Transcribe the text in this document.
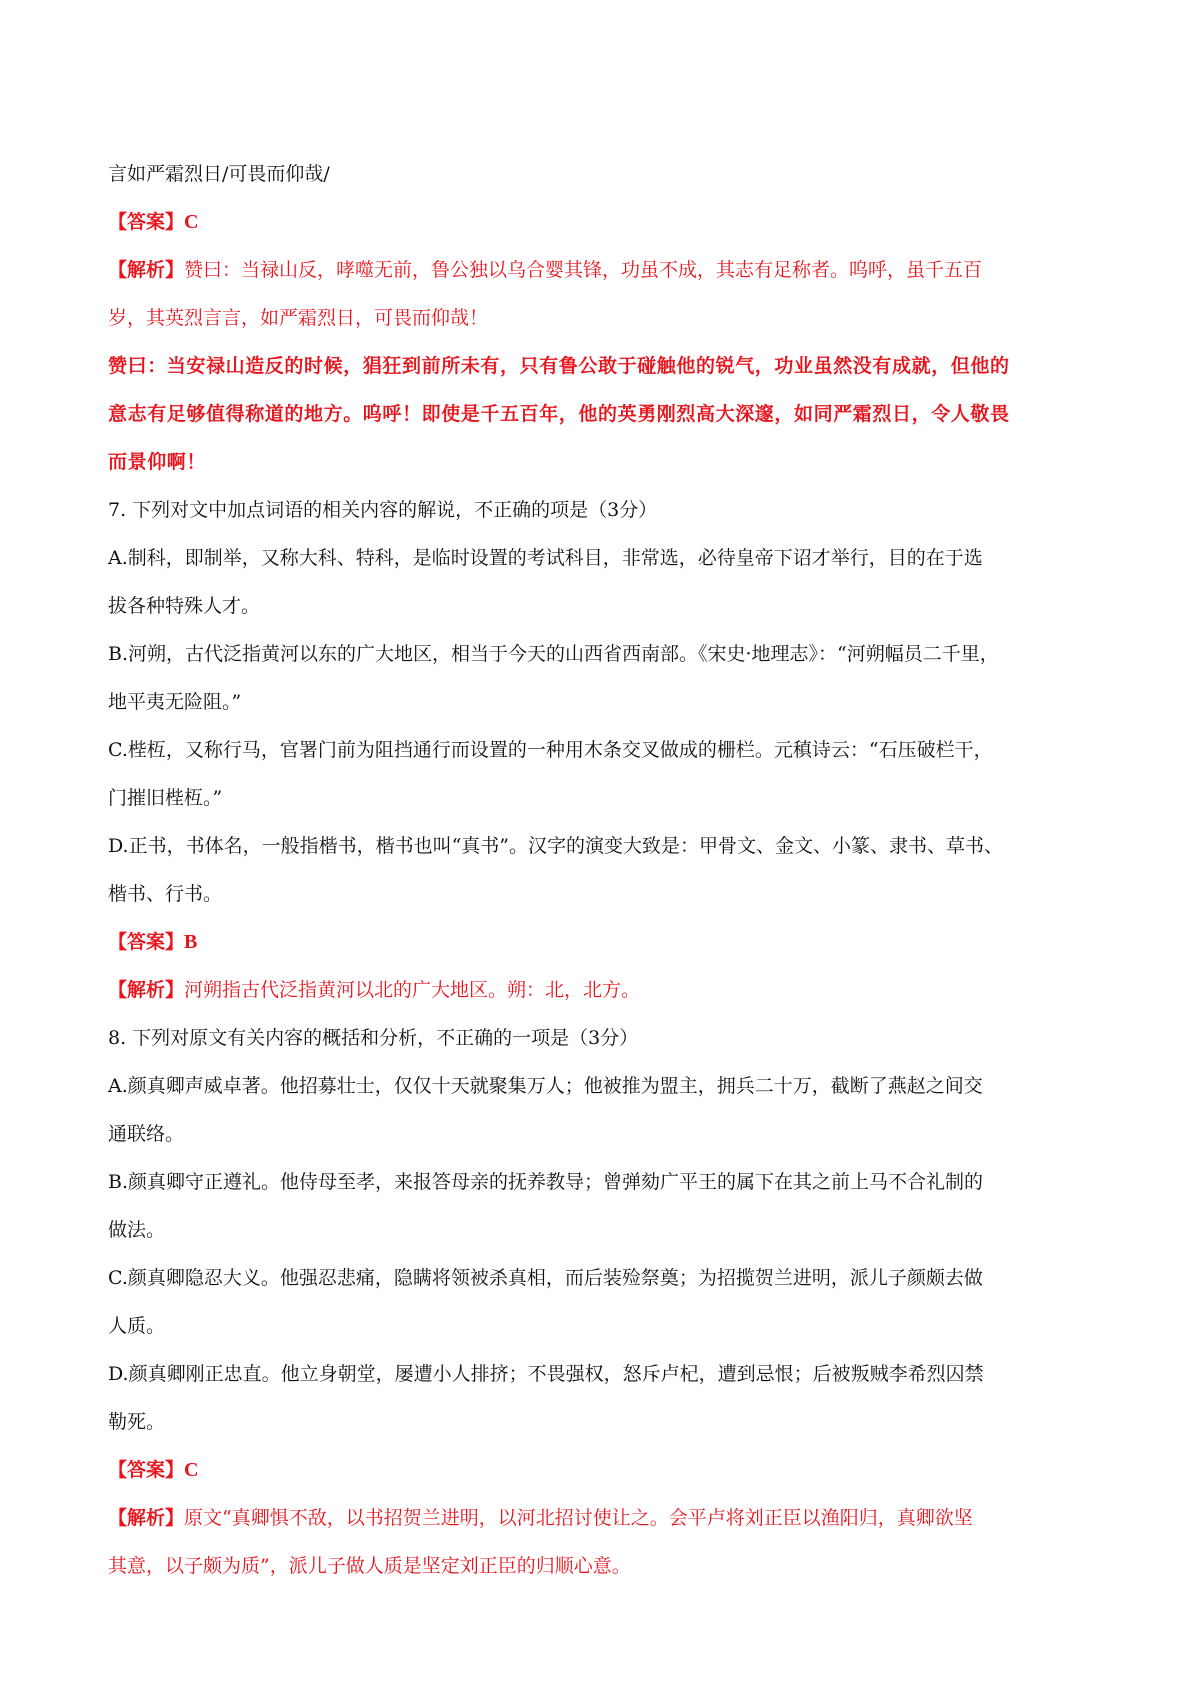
言如严霜烈日/可畏而仰哉/

【答案】C

【解析】赞曰：当禄山反，哮噬无前，鲁公独以乌合婴其锋，功虽不成，其志有足称者。呜呼，虽千五百

岁，其英烈言言，如严霜烈日，可畏而仰哉！

赞曰：当安禄山造反的时候，猖狂到前所未有，只有鲁公敢于碰触他的锐气，功业虽然没有成就，但他的

意志有足够值得称道的地方。呜呼！即使是千五百年，他的英勇刚烈高大深邃，如同严霜烈日，令人敬畏

而景仰啊！

7. 下列对文中加点词语的相关内容的解说，不正确的项是（3分）

A.制科，即制举，又称大科、特科，是临时设置的考试科目，非常选，必待皇帝下诏才举行，目的在于选

拔各种特殊人才。

B.河朔，古代泛指黄河以东的广大地区，相当于今天的山西省西南部。《宋史·地理志》：“河朔幅员二千里，

地平夷无险阻。”

C.梐枑，又称行马，官署门前为阻挡通行而设置的一种用木条交叉做成的栅栏。元稹诗云：“石压破栏干，

门摧旧梐枑。”

D.正书，书体名，一般指楷书，楷书也叫“真书”。汉字的演变大致是：甲骨文、金文、小篆、隶书、草书、

楷书、行书。

【答案】B

【解析】河朔指古代泛指黄河以北的广大地区。朔：北，北方。

8. 下列对原文有关内容的概括和分析，不正确的一项是（3分）

A.颜真卿声威卓著。他招募壮士，仅仅十天就聚集万人；他被推为盟主，拥兵二十万，截断了燕赵之间交

通联络。

B.颜真卿守正遵礼。他侍母至孝，来报答母亲的抚养教导；曾弹劾广平王的属下在其之前上马不合礼制的

做法。

C.颜真卿隐忍大义。他强忍悲痛，隐瞒将领被杀真相，而后装殓祭奠；为招揽贺兰进明，派儿子颜颇去做

人质。

D.颜真卿刚正忠直。他立身朝堂，屡遭小人排挤；不畏强权，怒斥卢杞，遭到忌恨；后被叛贼李希烈囚禁

勒死。

【答案】C

【解析】原文“真卿惧不敌，以书招贺兰进明，以河北招讨使让之。会平卢将刘正臣以渔阳归，真卿欲坚

其意，以子颇为质”，派儿子做人质是坚定刘正臣的归顺心意。
